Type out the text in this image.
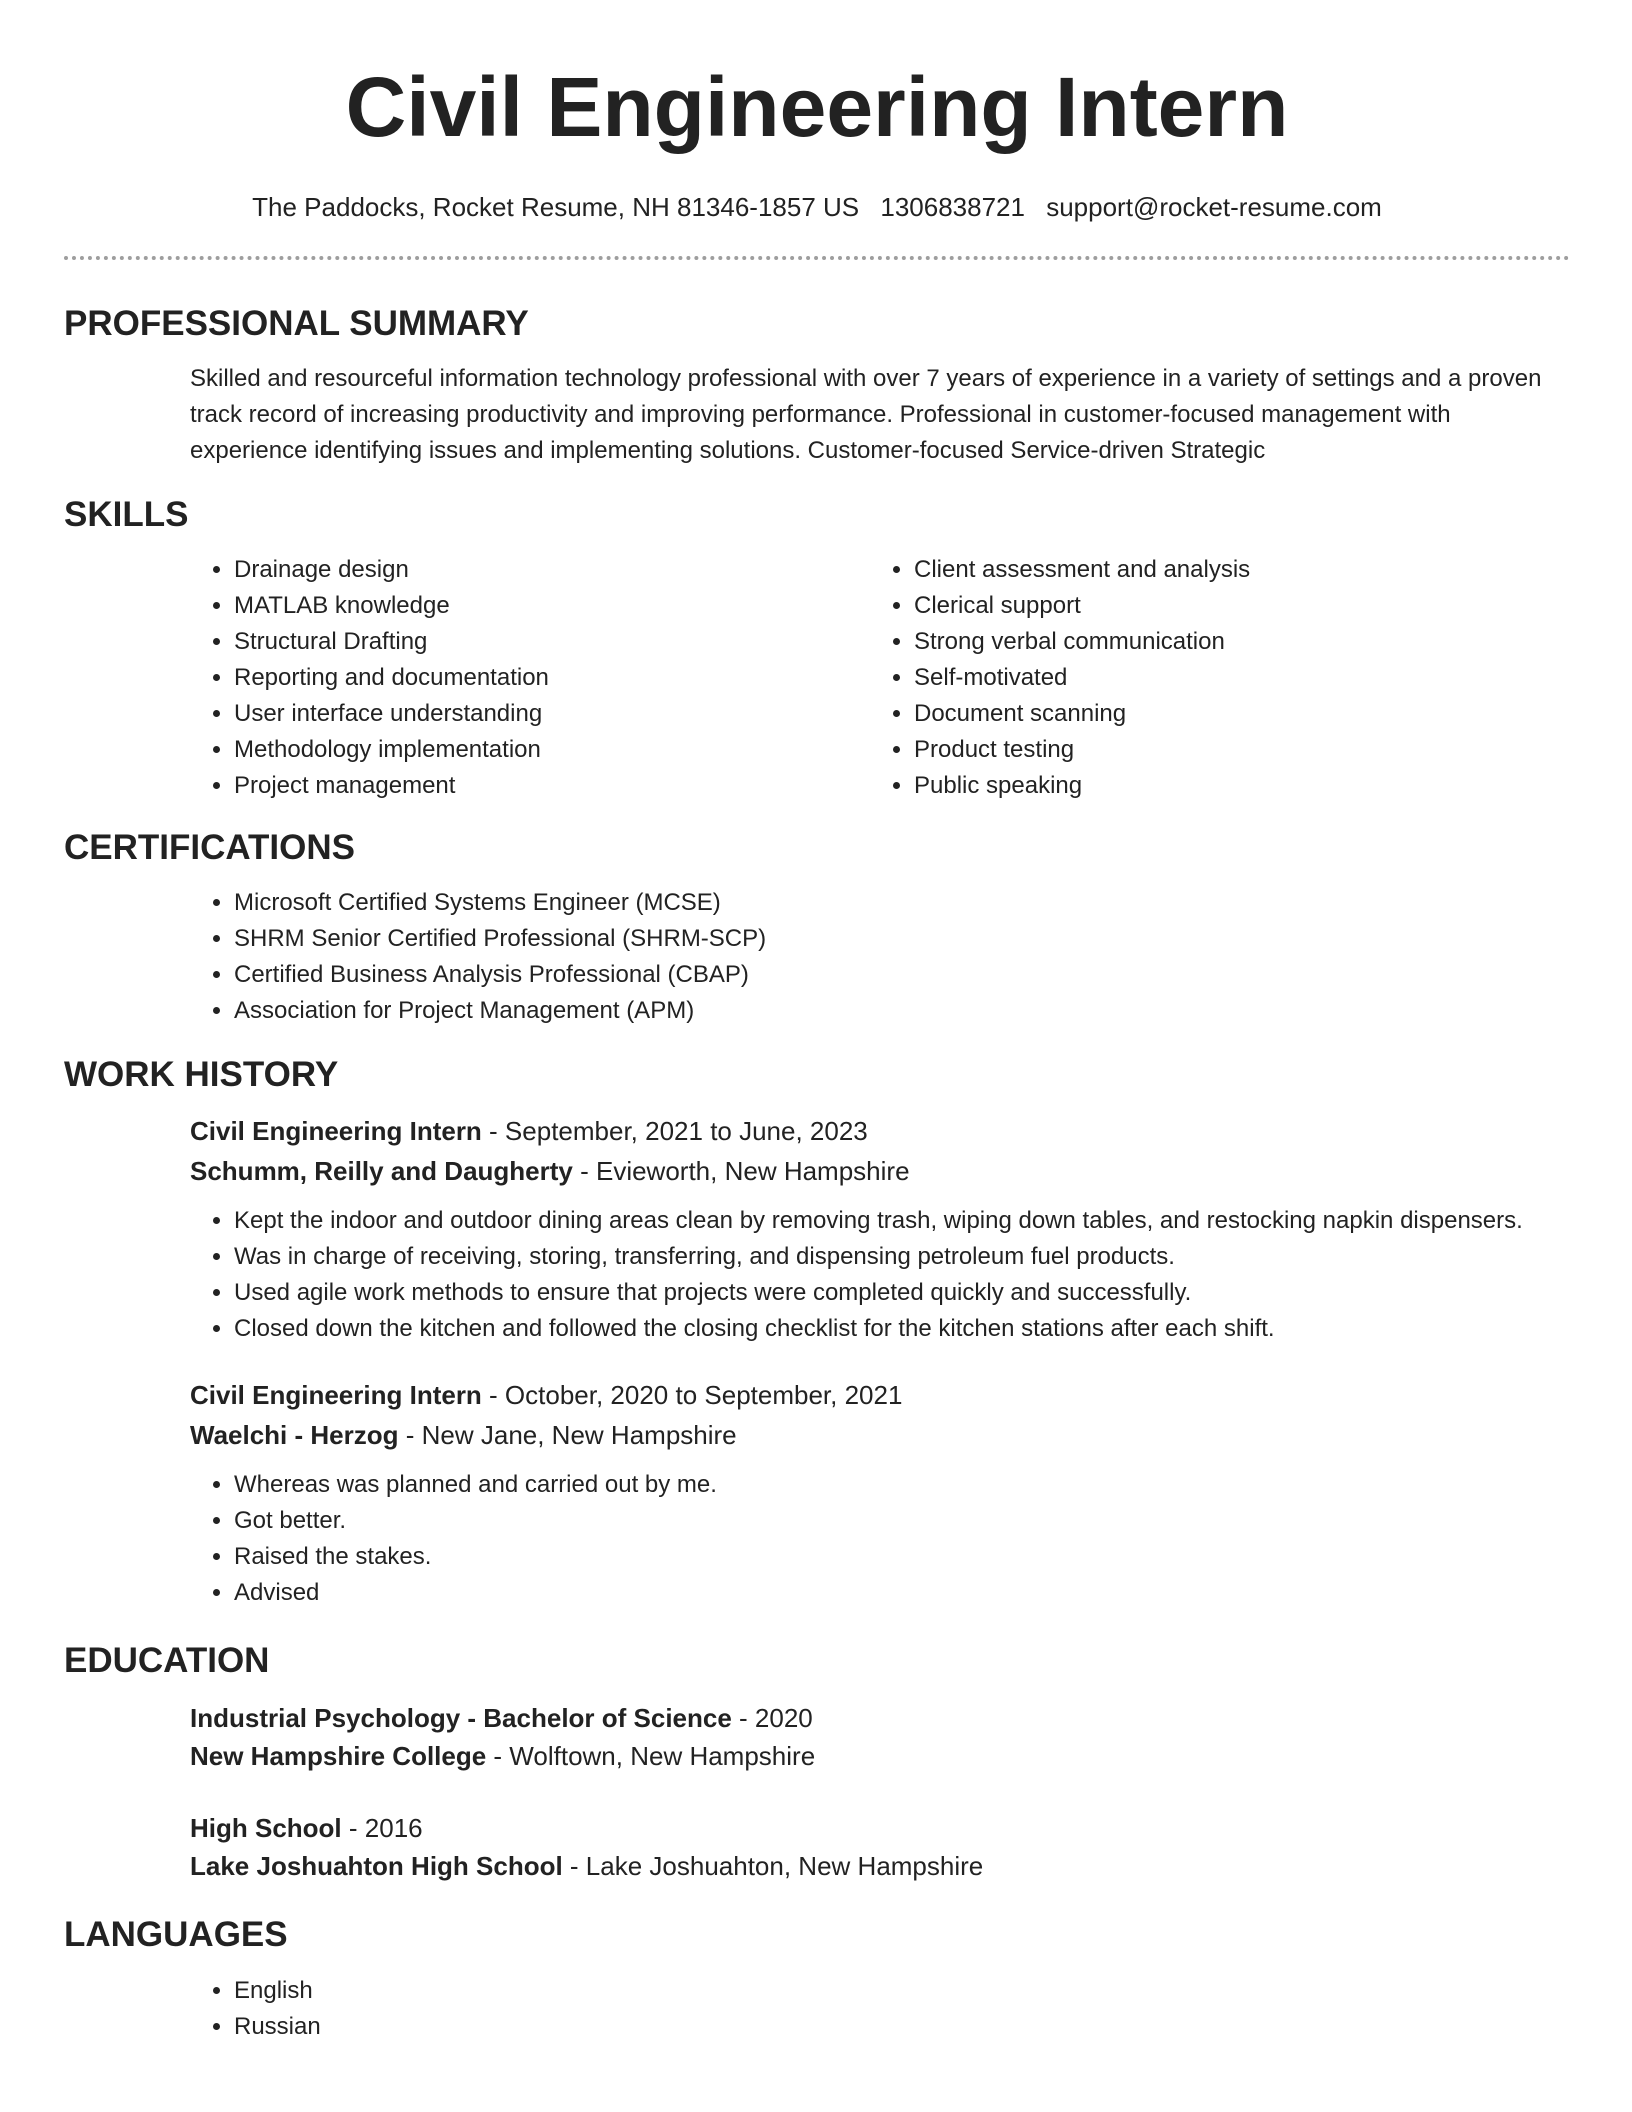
Civil Engineering Intern
The Paddocks, Rocket Resume, NH 81346-1857 US 1306838721 support@rocket-resume.com
PROFESSIONAL SUMMARY
Skilled and resourceful information technology professional with over 7 years of experience in a variety of settings and a proven track record of increasing productivity and improving performance. Professional in customer-focused management with experience identifying issues and implementing solutions. Customer-focused Service-driven Strategic
SKILLS
• Drainage design
• MATLAB knowledge
• Structural Drafting
• Reporting and documentation
• User interface understanding
• Methodology implementation
• Project management
• Client assessment and analysis
• Clerical support
• Strong verbal communication
• Self-motivated
• Document scanning
• Product testing
• Public speaking
CERTIFICATIONS
• Microsoft Certified Systems Engineer (MCSE)
• SHRM Senior Certified Professional (SHRM-SCP)
• Certified Business Analysis Professional (CBAP)
• Association for Project Management (APM)
WORK HISTORY
Civil Engineering Intern - September, 2021 to June, 2023
Schumm, Reilly and Daugherty - Evieworth, New Hampshire
• Kept the indoor and outdoor dining areas clean by removing trash, wiping down tables, and restocking napkin dispensers.
• Was in charge of receiving, storing, transferring, and dispensing petroleum fuel products.
• Used agile work methods to ensure that projects were completed quickly and successfully.
• Closed down the kitchen and followed the closing checklist for the kitchen stations after each shift.
Civil Engineering Intern - October, 2020 to September, 2021
Waelchi - Herzog - New Jane, New Hampshire
• Whereas was planned and carried out by me.
• Got better.
• Raised the stakes.
• Advised
EDUCATION
Industrial Psychology - Bachelor of Science - 2020
New Hampshire College - Wolftown, New Hampshire
High School - 2016
Lake Joshuahton High School - Lake Joshuahton, New Hampshire
LANGUAGES
• English
• Russian
